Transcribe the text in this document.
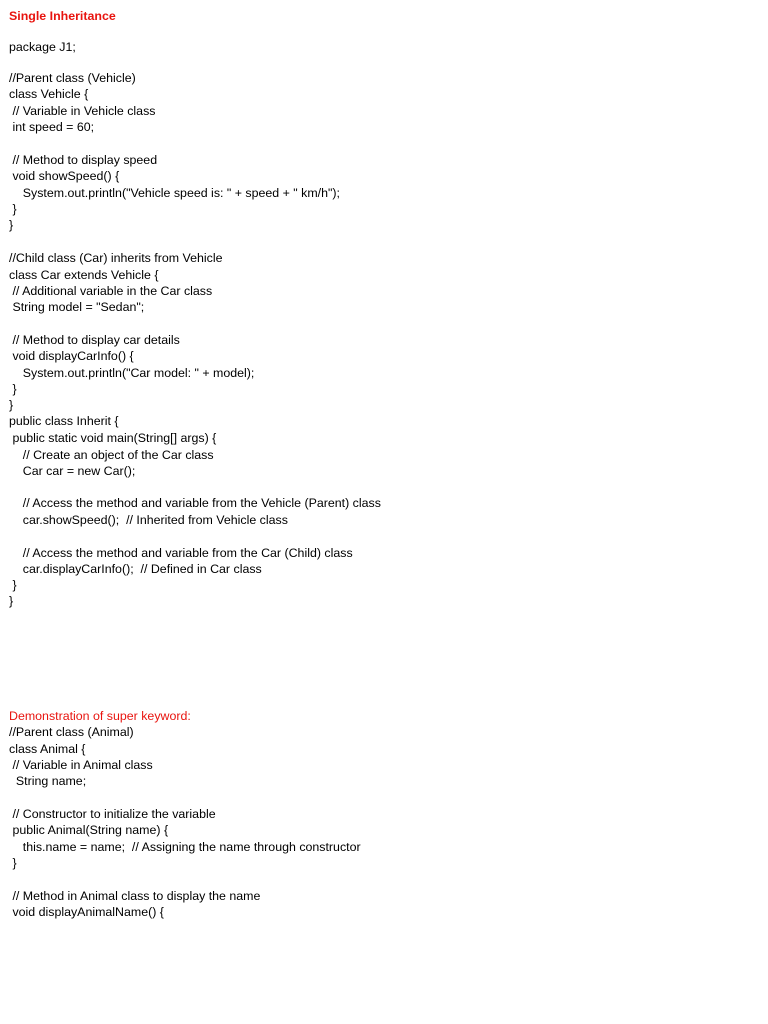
Single Inheritance
package J1;
//Parent class (Vehicle)
class Vehicle {
// Variable in Vehicle class
int speed = 60;
// Method to display speed
void showSpeed() {
System.out.println("Vehicle speed is: " + speed + " km/h");
}
}
//Child class (Car) inherits from Vehicle
class Car extends Vehicle {
// Additional variable in the Car class
String model = "Sedan";
// Method to display car details
void displayCarInfo() {
System.out.println("Car model: " + model);
}
}
public class Inherit {
public static void main(String[] args) {
// Create an object of the Car class
Car car = new Car();
// Access the method and variable from the Vehicle (Parent) class
car.showSpeed();  // Inherited from Vehicle class
// Access the method and variable from the Car (Child) class
car.displayCarInfo();  // Defined in Car class
}
}
Demonstration of super keyword:
//Parent class (Animal)
class Animal {
// Variable in Animal class
String name;
// Constructor to initialize the variable
public Animal(String name) {
this.name = name;  // Assigning the name through constructor
}
// Method in Animal class to display the name
void displayAnimalName() {
